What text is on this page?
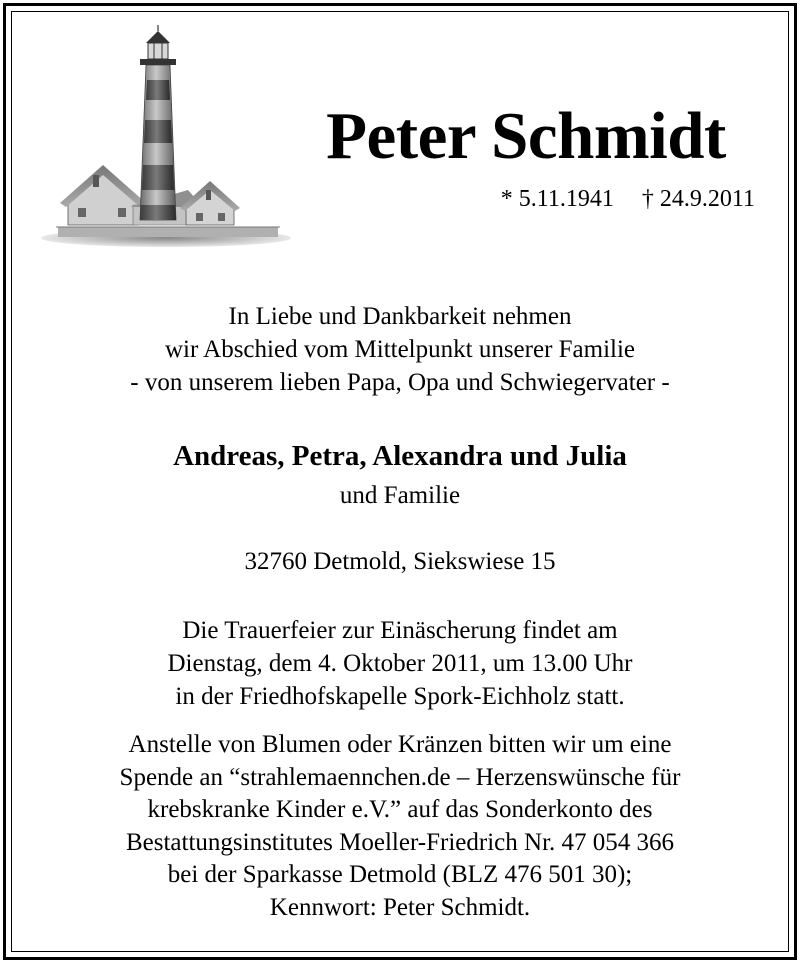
Peter Schmidt
* 5.11.1941 † 24.9.2011
In Liebe und Dankbarkeit nehmen
wir Abschied vom Mittelpunkt unserer Familie
- von unserem lieben Papa, Opa und Schwiegervater -
Andreas, Petra, Alexandra und Julia
und Familie
32760 Detmold, Siekswiese 15
Die Trauerfeier zur Einäscherung findet am
Dienstag, dem 4. Oktober 2011, um 13.00 Uhr
in der Friedhofskapelle Spork-Eichholz statt.
Anstelle von Blumen oder Kränzen bitten wir um eine
Spende an “strahlemaennchen.de – Herzenswünsche für
krebskranke Kinder e.V.” auf das Sonderkonto des
Bestattungsinstitutes Moeller-Friedrich Nr. 47 054 366
bei der Sparkasse Detmold (BLZ 476 501 30);
Kennwort: Peter Schmidt.
